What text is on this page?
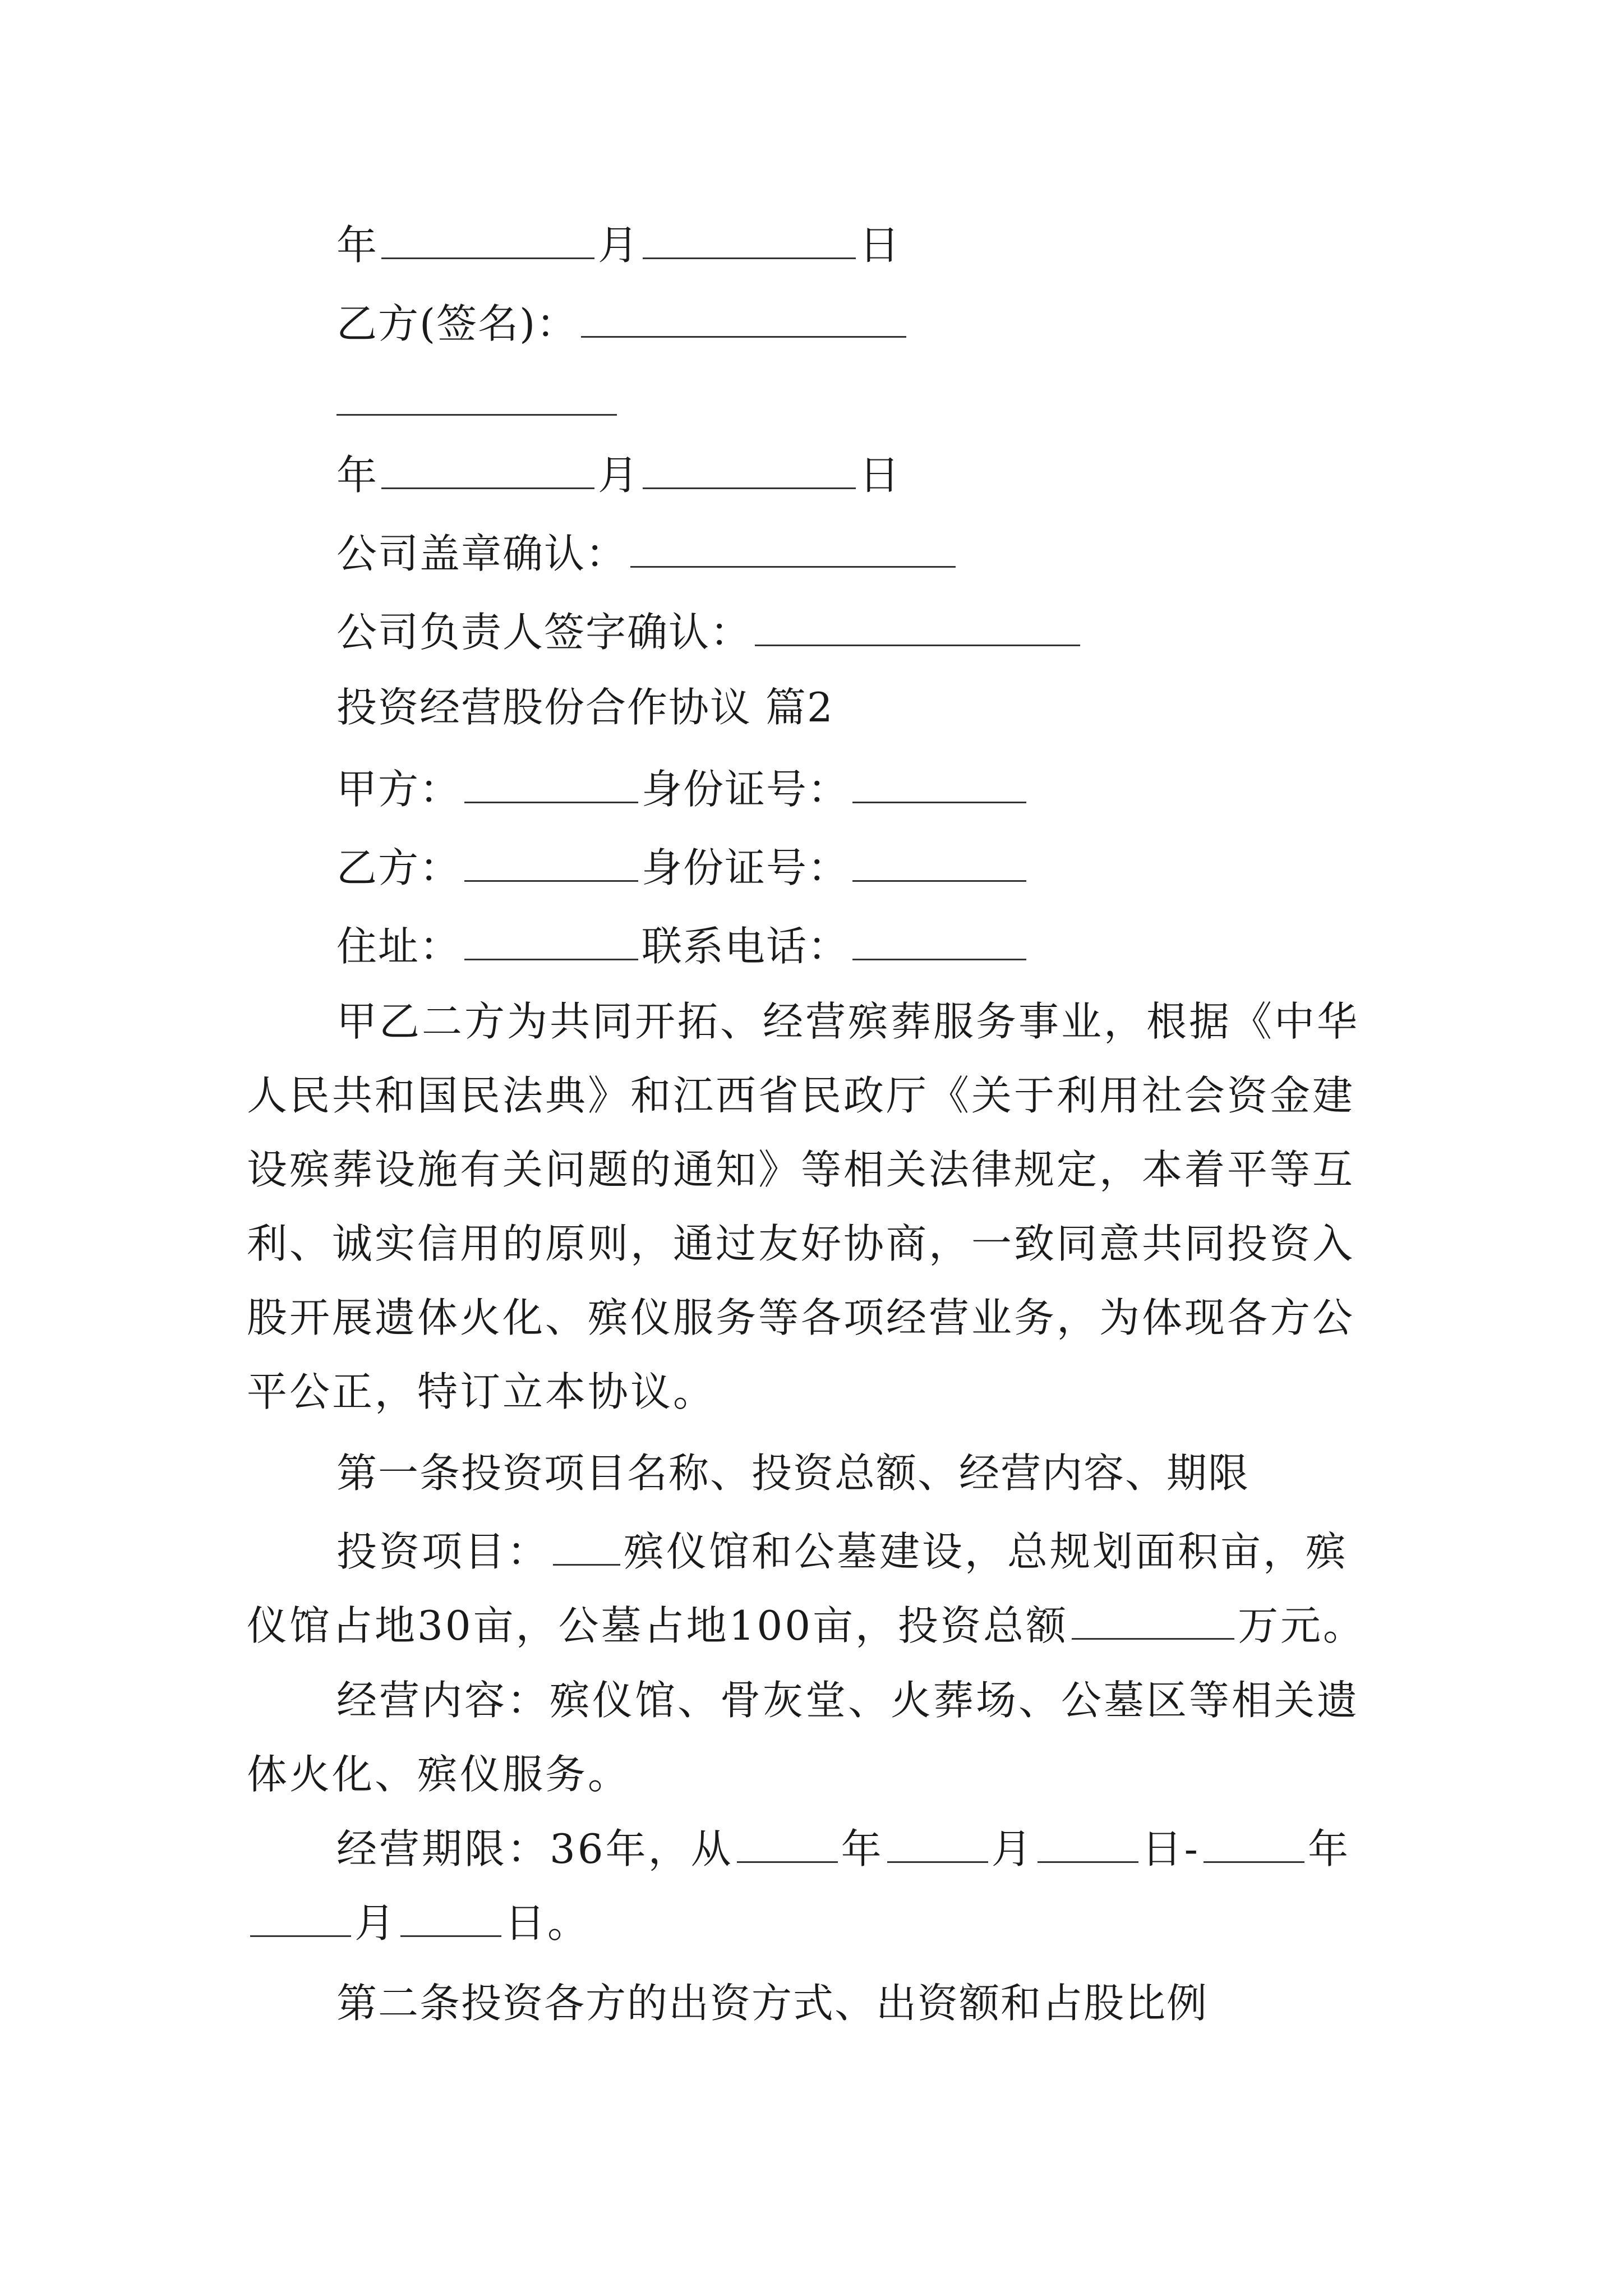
年	月	日
乙方(签名)：
年	月	日
公司盖章确认：
公司负责人签字确认：
投资经营股份合作协议 篇2
甲方：	身份证号：
乙方：	身份证号：
住址：	联系电话：
甲乙二方为共同开拓、经营殡葬服务事业，根据《中华人民共和国民法典》和江西省民政厅《关于利用社会资金建设殡葬设施有关问题的通知》等相关法律规定，本着平等互利、诚实信用的原则，通过友好协商，一致同意共同投资入股开展遗体火化、殡仪服务等各项经营业务，为体现各方公平公正，特订立本协议。
第一条投资项目名称、投资总额、经营内容、期限
投资项目： 殡仪馆和公墓建设，总规划面积亩，殡仪馆占地30亩，公墓占地100亩，投资总额	万元。
经营内容：殡仪馆、骨灰堂、火葬场、公墓区等相关遗体火化、殡仪服务。
经营期限：36年，从	年	月	日-	年月	日。
第二条投资各方的出资方式、出资额和占股比例
